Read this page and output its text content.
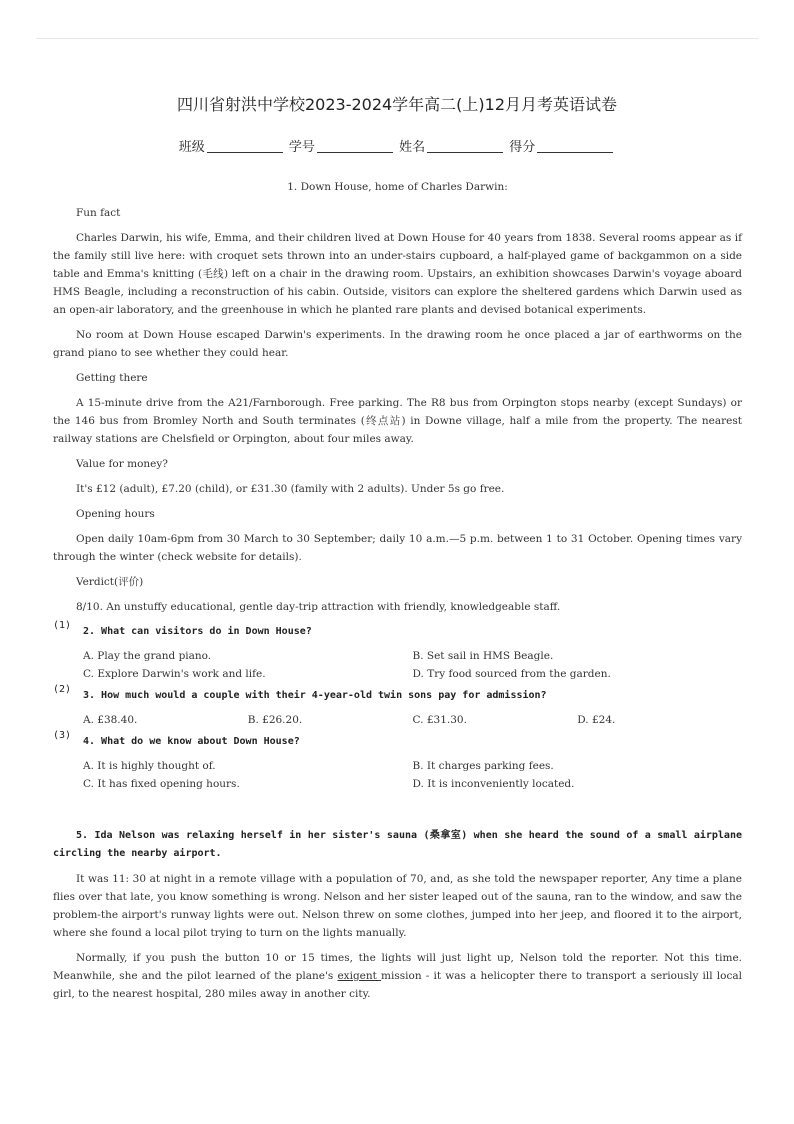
四川省射洪中学校2023-2024学年高二(上)12月月考英语试卷
班级	学号	姓名	得分
1. Down House, home of Charles Darwin:
Fun fact

Charles Darwin, his wife, Emma, and their children lived at Down House for 40 years from 1838. Several rooms appear as if the family still live here: with croquet sets thrown into an under-stairs cupboard, a half-played game of backgammon on a side table and Emma's knitting (毛线) left on a chair in the drawing room. Upstairs, an exhibition showcases Darwin's voyage aboard HMS Beagle, including a reconstruction of his cabin. Outside, visitors can explore the sheltered gardens which Darwin used as an open-air laboratory, and the greenhouse in which he planted rare plants and devised botanical experiments.

No room at Down House escaped Darwin's experiments. In the drawing room he once placed a jar of earthworms on the grand piano to see whether they could hear.

Getting there

A 15-minute drive from the A21/Farnborough. Free parking. The R8 bus from Orpington stops nearby (except Sundays) or the 146 bus from Bromley North and South terminates (终点站) in Downe village, half a mile from the property. The nearest railway stations are Chelsfield or Orpington, about four miles away.

Value for money?

It's £12 (adult), £7.20 (child), or £31.30 (family with 2 adults). Under 5s go free.

Opening hours

Open daily 10am-6pm from 30 March to 30 September; daily 10 a.m.—5 p.m. between 1 to 31 October. Opening times vary through the winter (check website for details).

Verdict(评价)

8/10. An unstuffy educational, gentle day-trip attraction with friendly, knowledgeable staff.

(1)
2. What can visitors do in Down House?
A. Play the grand piano.	B. Set sail in HMS Beagle.
C. Explore Darwin's work and life.	D. Try food sourced from the garden.
(2)
3. How much would a couple with their 4-year-old twin sons pay for admission?
A. £38.40.	B. £26.20.	C. £31.30.	D. £24.
(3)
4. What do we know about Down House?
A. It is highly thought of.	B. It charges parking fees.
C. It has fixed opening hours.	D. It is inconveniently located.
5. Ida Nelson was relaxing herself in her sister's sauna (桑拿室) when she heard the sound of a small airplane circling the nearby airport.

It was 11: 30 at night in a remote village with a population of 70, and, as she told the newspaper reporter, Any time a plane flies over that late, you know something is wrong. Nelson and her sister leaped out of the sauna, ran to the window, and saw the problem-the airport's runway lights were out. Nelson threw on some clothes, jumped into her jeep, and floored it to the airport, where she found a local pilot trying to turn on the lights manually.

Normally, if you push the button 10 or 15 times, the lights will just light up, Nelson told the reporter. Not this time. Meanwhile, she and the pilot learned of the plane's exigent mission - it was a helicopter there to transport a seriously ill local girl, to the nearest hospital, 280 miles away in another city.
